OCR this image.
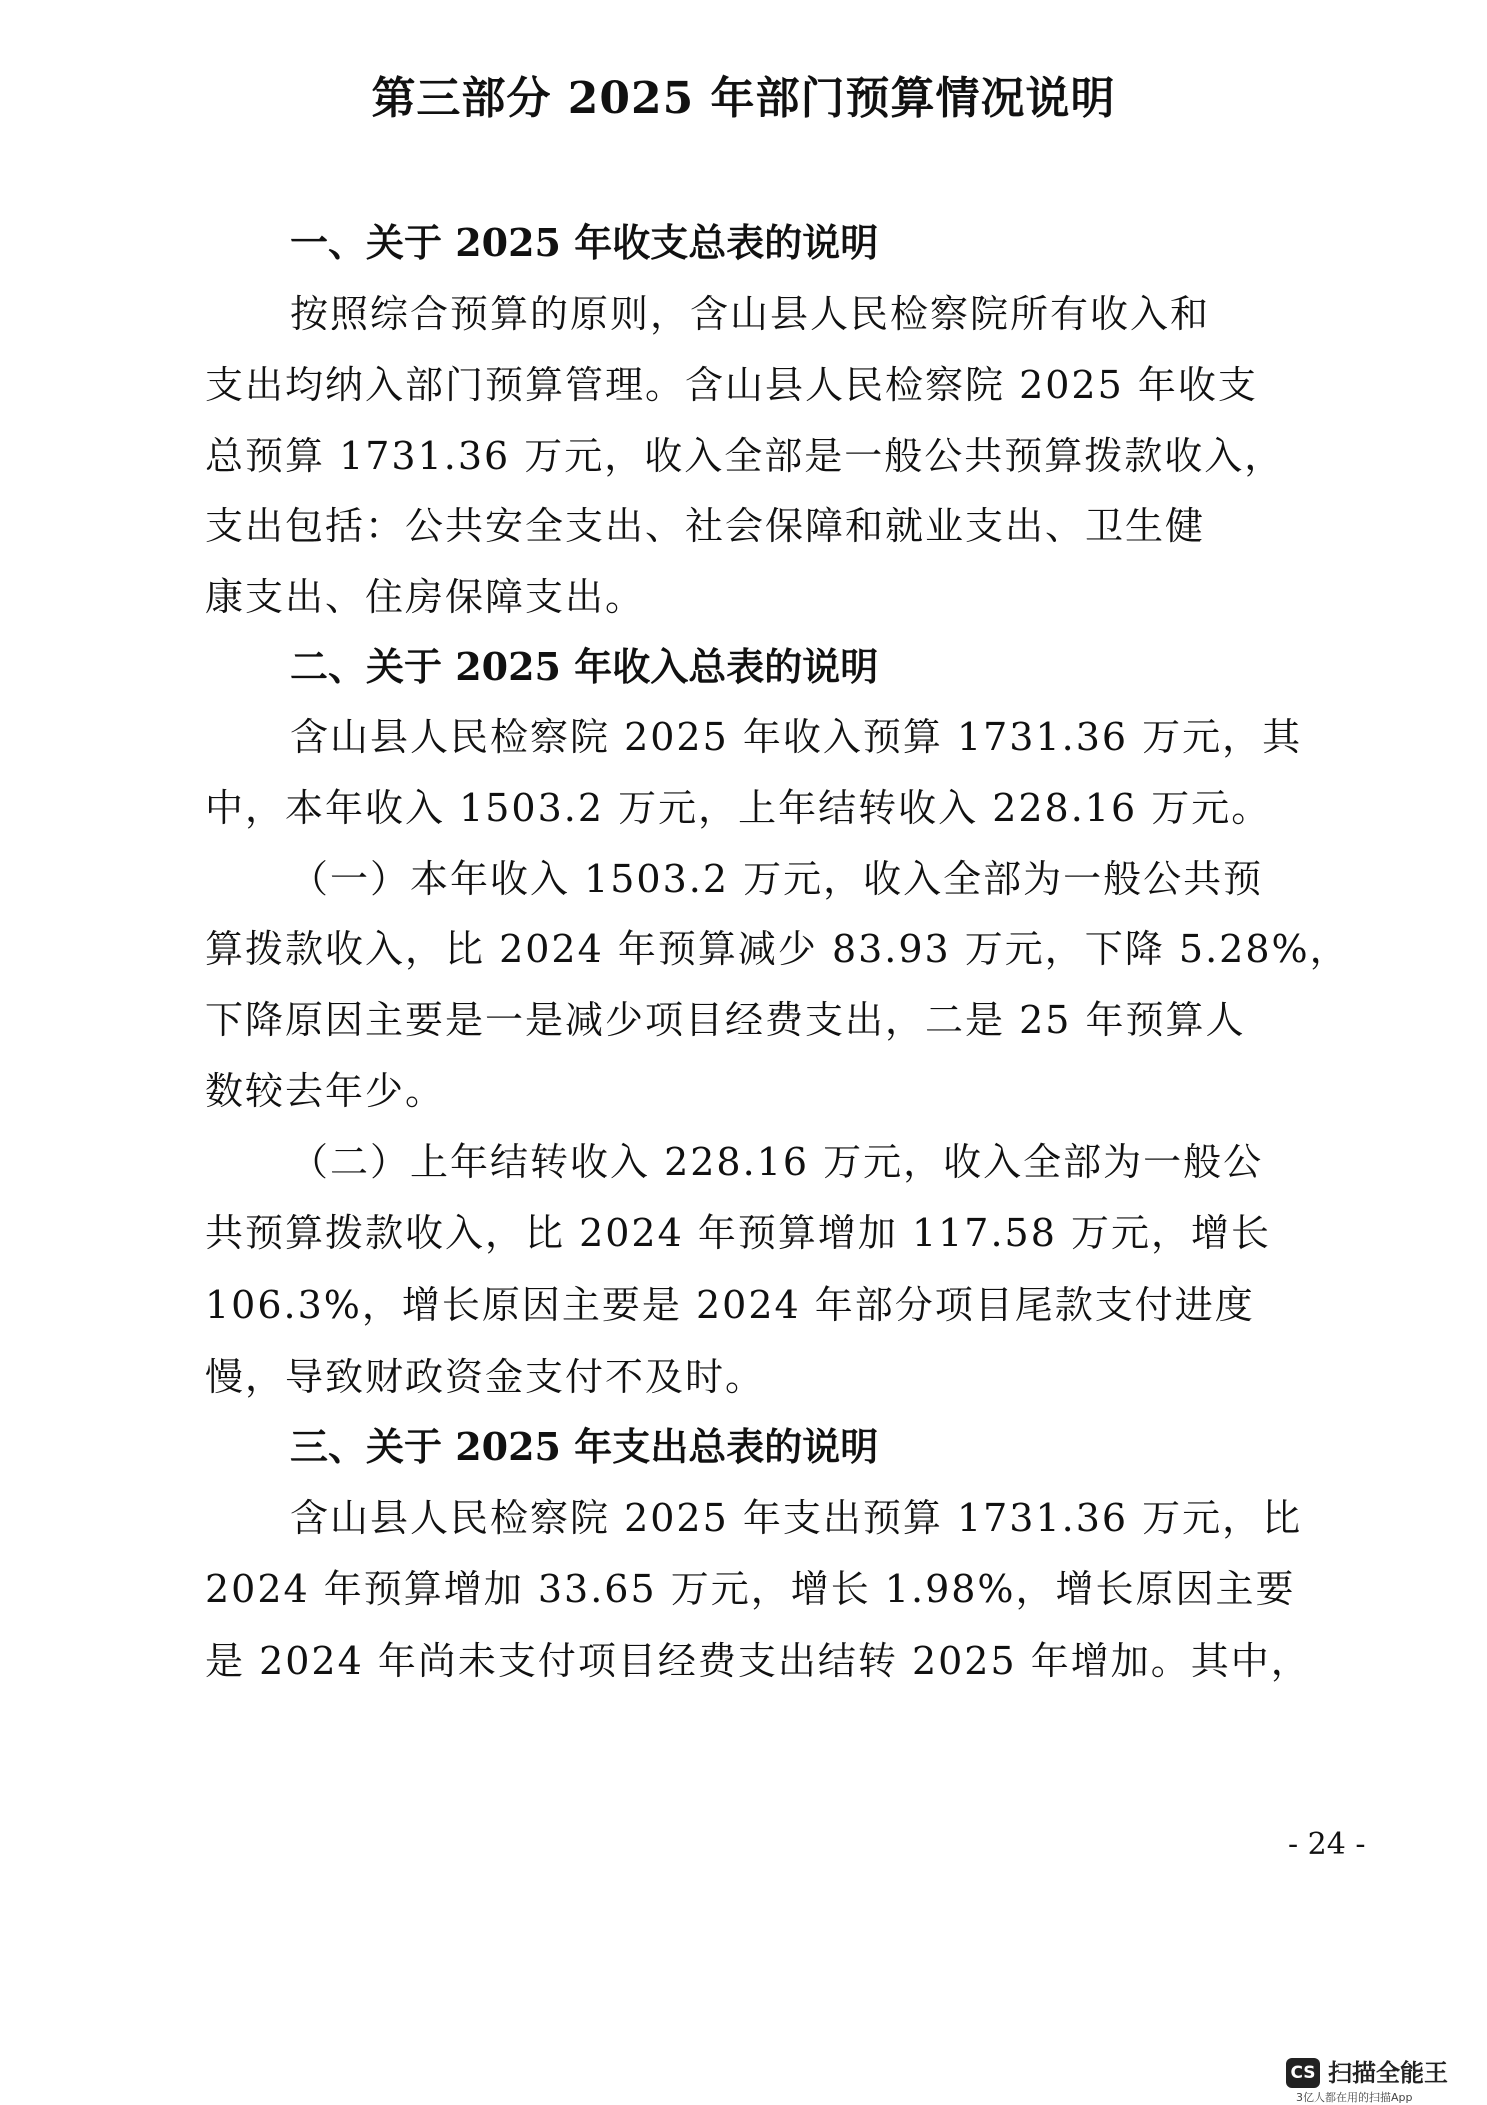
第三部分 2025 年部门预算情况说明
一、关于 2025 年收支总表的说明
按照综合预算的原则，含山县人民检察院所有收入和
支出均纳入部门预算管理。含山县人民检察院 2025 年收支
总预算 1731.36 万元，收入全部是一般公共预算拨款收入，
支出包括：公共安全支出、社会保障和就业支出、卫生健
康支出、住房保障支出。
二、关于 2025 年收入总表的说明
含山县人民检察院 2025 年收入预算 1731.36 万元，其
中，本年收入 1503.2 万元，上年结转收入 228.16 万元。
（一）本年收入 1503.2 万元，收入全部为一般公共预
算拨款收入，比 2024 年预算减少 83.93 万元，下降 5.28%，
下降原因主要是一是减少项目经费支出，二是 25 年预算人
数较去年少。
（二）上年结转收入 228.16 万元，收入全部为一般公
共预算拨款收入，比 2024 年预算增加 117.58 万元，增长
106.3%，增长原因主要是 2024 年部分项目尾款支付进度
慢，导致财政资金支付不及时。
三、关于 2025 年支出总表的说明
含山县人民检察院 2025 年支出预算 1731.36 万元，比
2024 年预算增加 33.65 万元，增长 1.98%，增长原因主要
是 2024 年尚未支付项目经费支出结转 2025 年增加。其中，
- 24 -
CS 扫描全能王
3亿人都在用的扫描App
